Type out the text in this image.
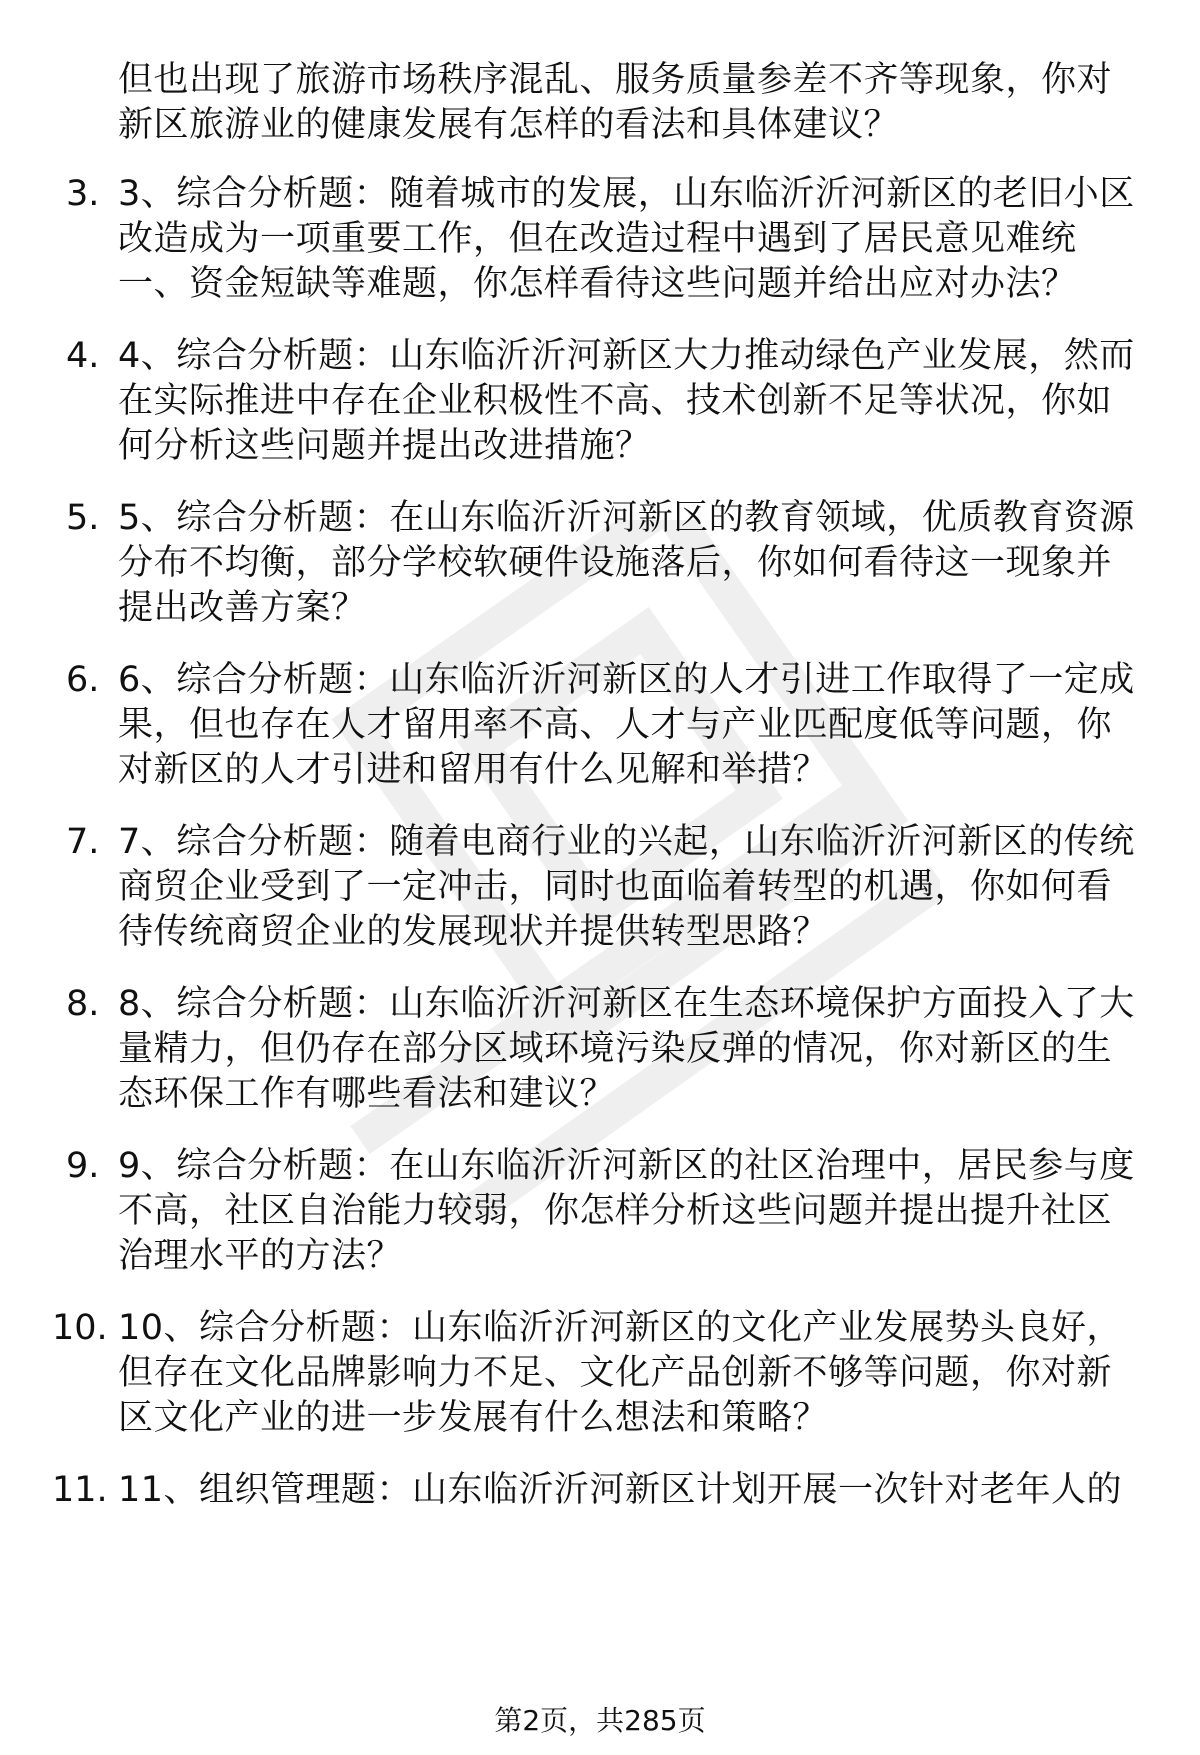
但也出现了旅游市场秩序混乱、服务质量参差不齐等现象，你对
新区旅游业的健康发展有怎样的看法和具体建议？
3. 3、综合分析题：随着城市的发展，山东临沂沂河新区的老旧小区
改造成为一项重要工作，但在改造过程中遇到了居民意见难统
一、资金短缺等难题，你怎样看待这些问题并给出应对办法？
4. 4、综合分析题：山东临沂沂河新区大力推动绿色产业发展，然而
在实际推进中存在企业积极性不高、技术创新不足等状况，你如
何分析这些问题并提出改进措施？
5. 5、综合分析题：在山东临沂沂河新区的教育领域，优质教育资源
分布不均衡，部分学校软硬件设施落后，你如何看待这一现象并
提出改善方案？
6. 6、综合分析题：山东临沂沂河新区的人才引进工作取得了一定成
果，但也存在人才留用率不高、人才与产业匹配度低等问题，你
对新区的人才引进和留用有什么见解和举措？
7. 7、综合分析题：随着电商行业的兴起，山东临沂沂河新区的传统
商贸企业受到了一定冲击，同时也面临着转型的机遇，你如何看
待传统商贸企业的发展现状并提供转型思路？
8. 8、综合分析题：山东临沂沂河新区在生态环境保护方面投入了大
量精力，但仍存在部分区域环境污染反弹的情况，你对新区的生
态环保工作有哪些看法和建议？
9. 9、综合分析题：在山东临沂沂河新区的社区治理中，居民参与度
不高，社区自治能力较弱，你怎样分析这些问题并提出提升社区
治理水平的方法？
10. 10、综合分析题：山东临沂沂河新区的文化产业发展势头良好，
但存在文化品牌影响力不足、文化产品创新不够等问题，你对新
区文化产业的进一步发展有什么想法和策略？
11. 11、组织管理题：山东临沂沂河新区计划开展一次针对老年人的
第2页，共285页
